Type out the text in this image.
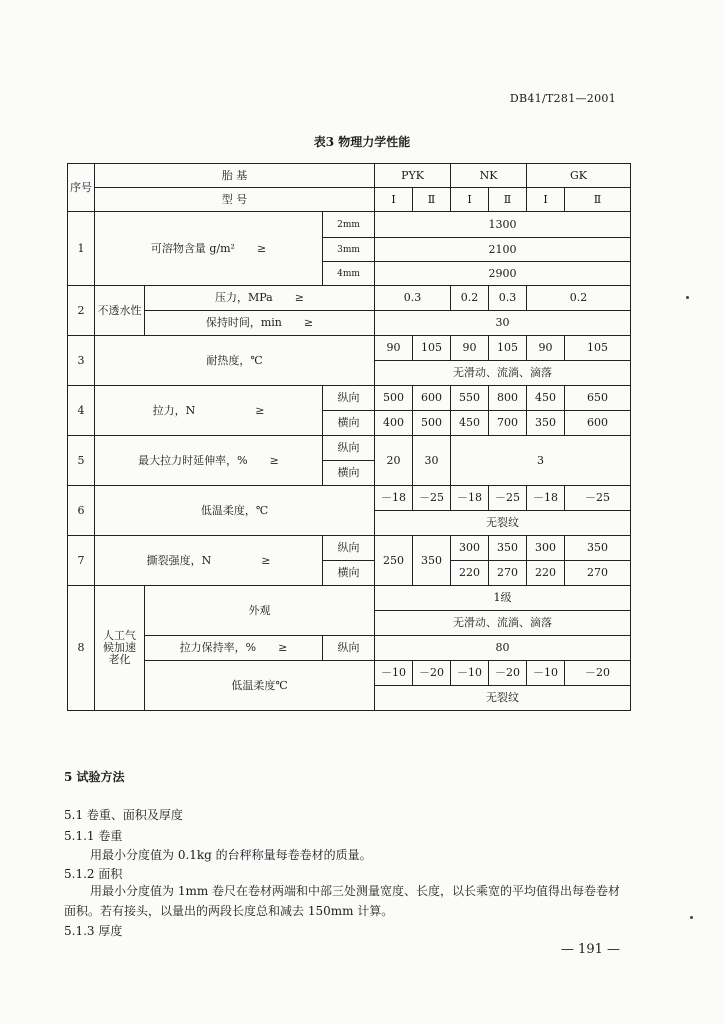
DB41/T281—2001
表3 物理力学性能
序号	胎 基			PYK		NK		GK	
	型 号			Ⅰ	Ⅱ	Ⅰ	Ⅱ	Ⅰ	Ⅱ
1	可溶物含量 g/m² ≥		2mm	1300					
			3mm	2100					
			4mm	2900					
2	不透水性	压力，MPa ≥		0.3		0.2	0.3	0.2	
		保持时间，min ≥		30					
3	耐热度，℃			90	105	90	105	90	105
				无滑动、流淌、滴落					
4	拉力，N ≥		纵向	500	600	550	800	450	650
			横向	400	500	450	700	350	600
5	最大拉力时延伸率，% ≥		纵向	20	30	3			
			横向						
6	低温柔度，℃			－18	－25	－18	－25	－18	－25
				无裂纹					
7	撕裂强度，N ≥		纵向	250	350	300	350	300	350
			横向			220	270	220	270
8	人工气候加速老化	外观		1级					
				无滑动、流淌、滴落					
		拉力保持率，% ≥	纵向	80					
		低温柔度℃		－10	－20	－10	－20	－10	－20
				无裂纹					
5 试验方法
5.1 卷重、面积及厚度
5.1.1 卷重
用最小分度值为 0.1kg 的台秤称量每卷卷材的质量。
5.1.2 面积
用最小分度值为 1mm 卷尺在卷材两端和中部三处测量宽度、长度，以长乘宽的平均值得出每卷卷材面积。若有接头，以量出的两段长度总和减去 150mm 计算。
5.1.3 厚度
— 191 —
